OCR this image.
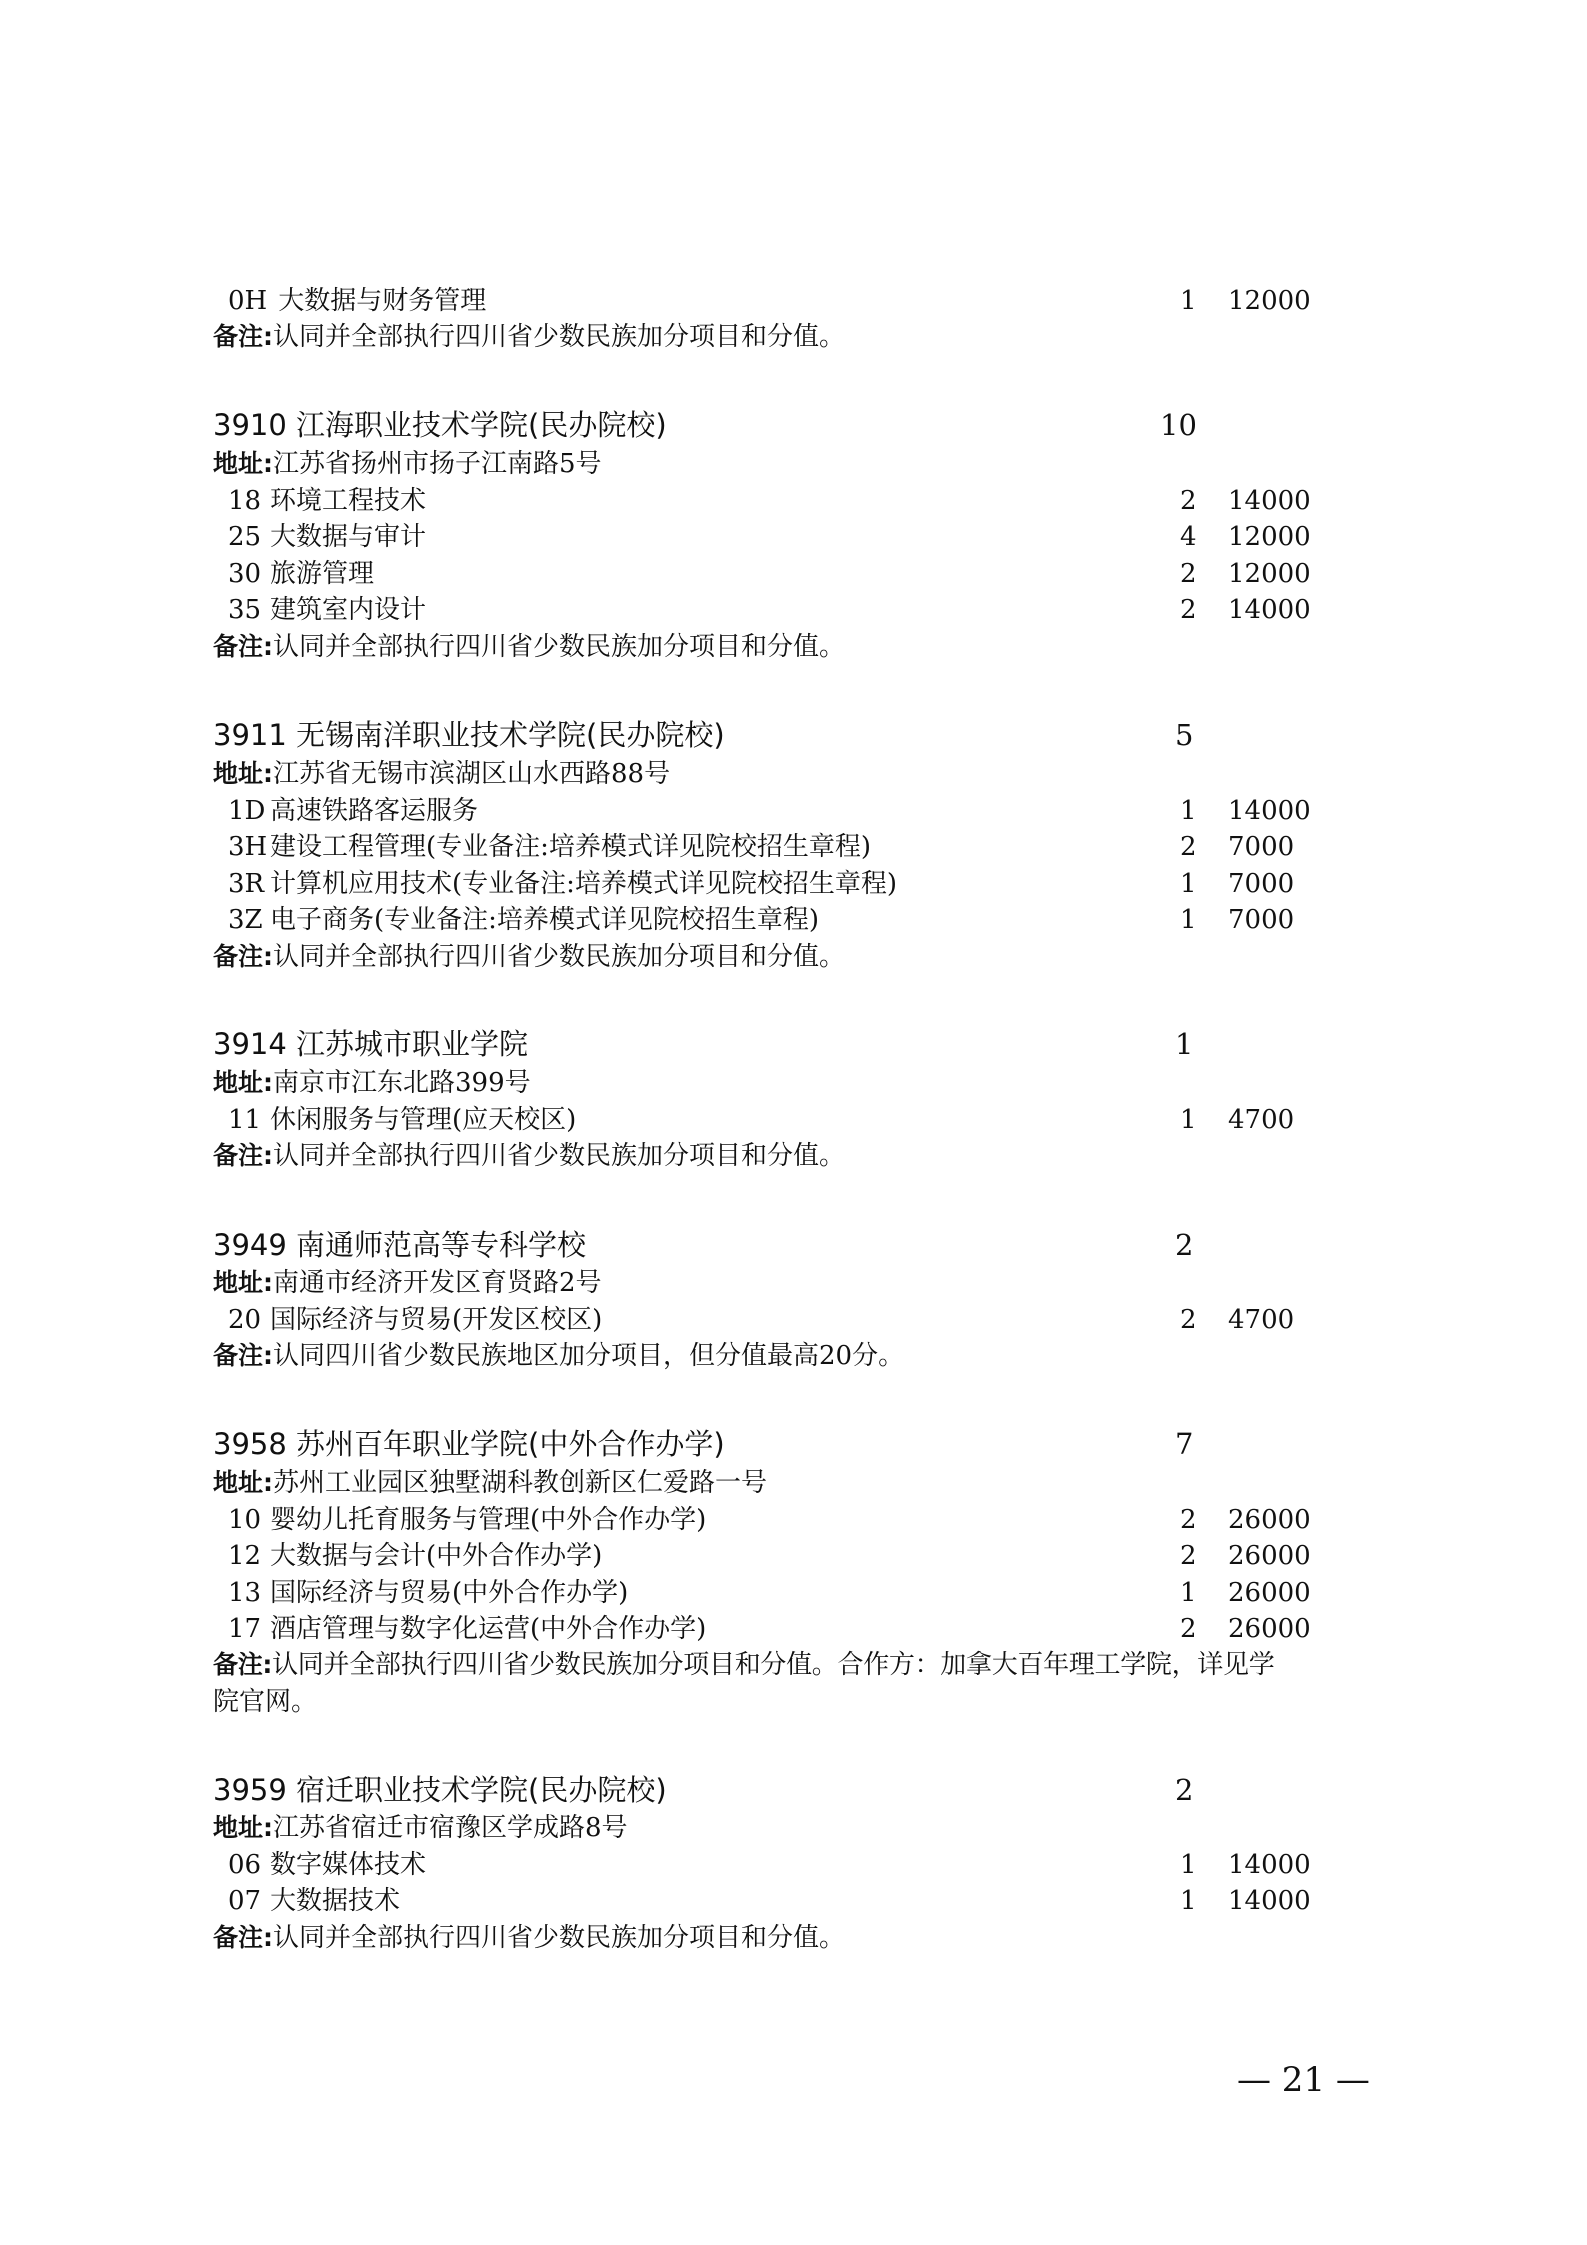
0H 大数据与财务管理	1 12000
备注:认同并全部执行四川省少数民族加分项目和分值。
3910 江海职业技术学院(民办院校)	10
地址:江苏省扬州市扬子江南路5号
18 环境工程技术	2 14000
25 大数据与审计	4 12000
30 旅游管理	2 12000
35 建筑室内设计	2 14000
备注:认同并全部执行四川省少数民族加分项目和分值。
3911 无锡南洋职业技术学院(民办院校)	5
地址:江苏省无锡市滨湖区山水西路88号
1D 高速铁路客运服务	1 14000
3H 建设工程管理(专业备注:培养模式详见院校招生章程)	2 7000
3R 计算机应用技术(专业备注:培养模式详见院校招生章程)	1 7000
3Z 电子商务(专业备注:培养模式详见院校招生章程)	1 7000
备注:认同并全部执行四川省少数民族加分项目和分值。
3914 江苏城市职业学院	1
地址:南京市江东北路399号
11 休闲服务与管理(应天校区)	1 4700
备注:认同并全部执行四川省少数民族加分项目和分值。
3949 南通师范高等专科学校	2
地址:南通市经济开发区育贤路2号
20 国际经济与贸易(开发区校区)	2 4700
备注:认同四川省少数民族地区加分项目，但分值最高20分。
3958 苏州百年职业学院(中外合作办学)	7
地址:苏州工业园区独墅湖科教创新区仁爱路一号
10 婴幼儿托育服务与管理(中外合作办学)	2 26000
12 大数据与会计(中外合作办学)	2 26000
13 国际经济与贸易(中外合作办学)	1 26000
17 酒店管理与数字化运营(中外合作办学)	2 26000
备注:认同并全部执行四川省少数民族加分项目和分值。合作方：加拿大百年理工学院，详见学
院官网。
3959 宿迁职业技术学院(民办院校)	2
地址:江苏省宿迁市宿豫区学成路8号
06 数字媒体技术	1 14000
07 大数据技术	1 14000
备注:认同并全部执行四川省少数民族加分项目和分值。
— 21 —
